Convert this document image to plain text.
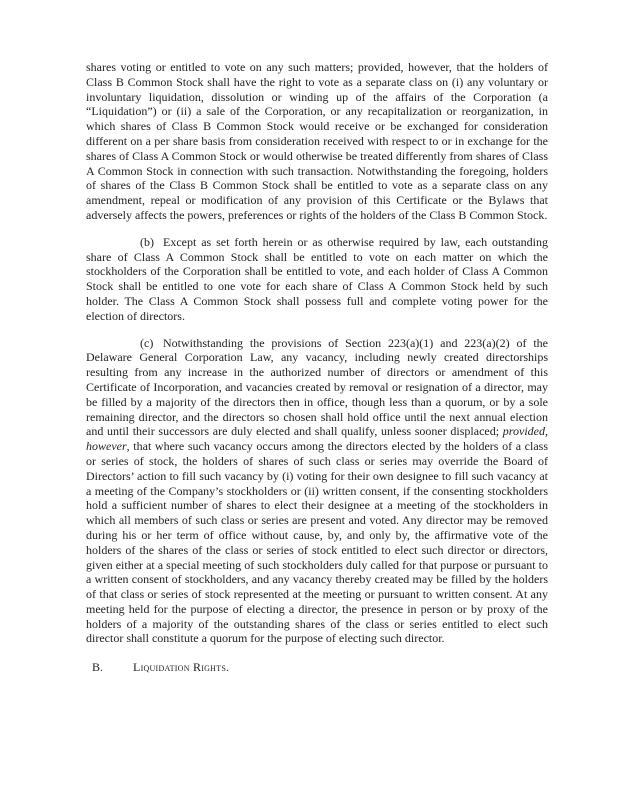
shares voting or entitled to vote on any such matters; provided, however, that the holders of Class B Common Stock shall have the right to vote as a separate class on (i) any voluntary or involuntary liquidation, dissolution or winding up of the affairs of the Corporation (a “Liquidation”) or (ii) a sale of the Corporation, or any recapitalization or reorganization, in which shares of Class B Common Stock would receive or be exchanged for consideration different on a per share basis from consideration received with respect to or in exchange for the shares of Class A Common Stock or would otherwise be treated differently from shares of Class A Common Stock in connection with such transaction. Notwithstanding the foregoing, holders of shares of the Class B Common Stock shall be entitled to vote as a separate class on any amendment, repeal or modification of any provision of this Certificate or the Bylaws that adversely affects the powers, preferences or rights of the holders of the Class B Common Stock.

(b) Except as set forth herein or as otherwise required by law, each outstanding share of Class A Common Stock shall be entitled to vote on each matter on which the stockholders of the Corporation shall be entitled to vote, and each holder of Class A Common Stock shall be entitled to one vote for each share of Class A Common Stock held by such holder. The Class A Common Stock shall possess full and complete voting power for the election of directors.

(c) Notwithstanding the provisions of Section 223(a)(1) and 223(a)(2) of the Delaware General Corporation Law, any vacancy, including newly created directorships resulting from any increase in the authorized number of directors or amendment of this Certificate of Incorporation, and vacancies created by removal or resignation of a director, may be filled by a majority of the directors then in office, though less than a quorum, or by a sole remaining director, and the directors so chosen shall hold office until the next annual election and until their successors are duly elected and shall qualify, unless sooner displaced; provided, however, that where such vacancy occurs among the directors elected by the holders of a class or series of stock, the holders of shares of such class or series may override the Board of Directors’ action to fill such vacancy by (i) voting for their own designee to fill such vacancy at a meeting of the Company’s stockholders or (ii) written consent, if the consenting stockholders hold a sufficient number of shares to elect their designee at a meeting of the stockholders in which all members of such class or series are present and voted. Any director may be removed during his or her term of office without cause, by, and only by, the affirmative vote of the holders of the shares of the class or series of stock entitled to elect such director or directors, given either at a special meeting of such stockholders duly called for that purpose or pursuant to a written consent of stockholders, and any vacancy thereby created may be filled by the holders of that class or series of stock represented at the meeting or pursuant to written consent. At any meeting held for the purpose of electing a director, the presence in person or by proxy of the holders of a majority of the outstanding shares of the class or series entitled to elect such director shall constitute a quorum for the purpose of electing such director.

B. Liquidation Rights.
